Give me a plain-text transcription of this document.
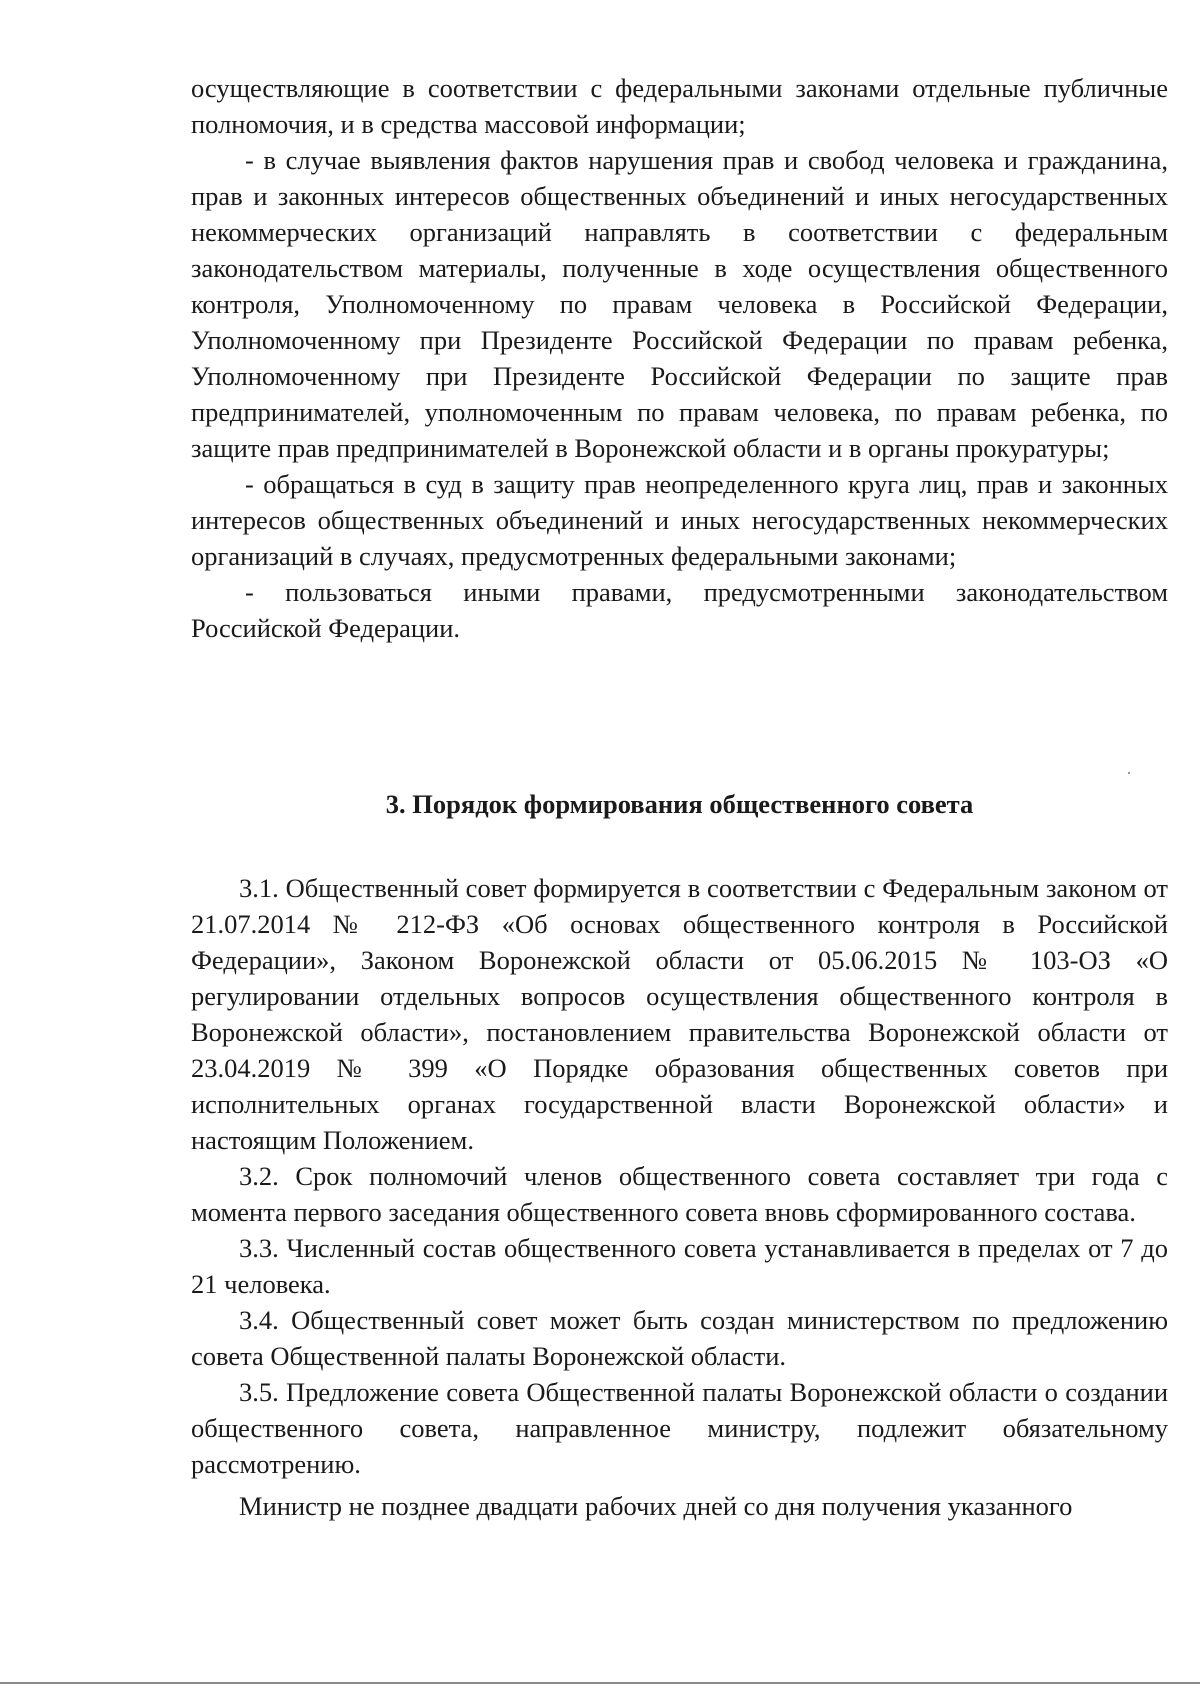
осуществляющие в соответствии с федеральными законами отдельные публичные полномочия, и в средства массовой информации;

- в случае выявления фактов нарушения прав и свобод человека и гражданина, прав и законных интересов общественных объединений и иных негосударственных некоммерческих организаций направлять в соответствии с федеральным законодательством материалы, полученные в ходе осуществления общественного контроля, Уполномоченному по правам человека в Российской Федерации, Уполномоченному при Президенте Российской Федерации по правам ребенка, Уполномоченному при Президенте Российской Федерации по защите прав предпринимателей, уполномоченным по правам человека, по правам ребенка, по защите прав предпринимателей в Воронежской области и в органы прокуратуры;

- обращаться в суд в защиту прав неопределенного круга лиц, прав и законных интересов общественных объединений и иных негосударственных некоммерческих организаций в случаях, предусмотренных федеральными законами;

- пользоваться иными правами, предусмотренными законодательством Российской Федерации.

3. Порядок формирования общественного совета

3.1. Общественный совет формируется в соответствии с Федеральным законом от 21.07.2014 № 212-ФЗ «Об основах общественного контроля в Российской Федерации», Законом Воронежской области от 05.06.2015 № 103-ОЗ «О регулировании отдельных вопросов осуществления общественного контроля в Воронежской области», постановлением правительства Воронежской области от 23.04.2019 № 399 «О Порядке образования общественных советов при исполнительных органах государственной власти Воронежской области» и настоящим Положением.

3.2. Срок полномочий членов общественного совета составляет три года с момента первого заседания общественного совета вновь сформированного состава.

3.3. Численный состав общественного совета устанавливается в пределах от 7 до 21 человека.

3.4. Общественный совет может быть создан министерством по предложению совета Общественной палаты Воронежской области.

3.5. Предложение совета Общественной палаты Воронежской области о создании общественного совета, направленное министру, подлежит обязательному рассмотрению.

Министр не позднее двадцати рабочих дней со дня получения указанного
